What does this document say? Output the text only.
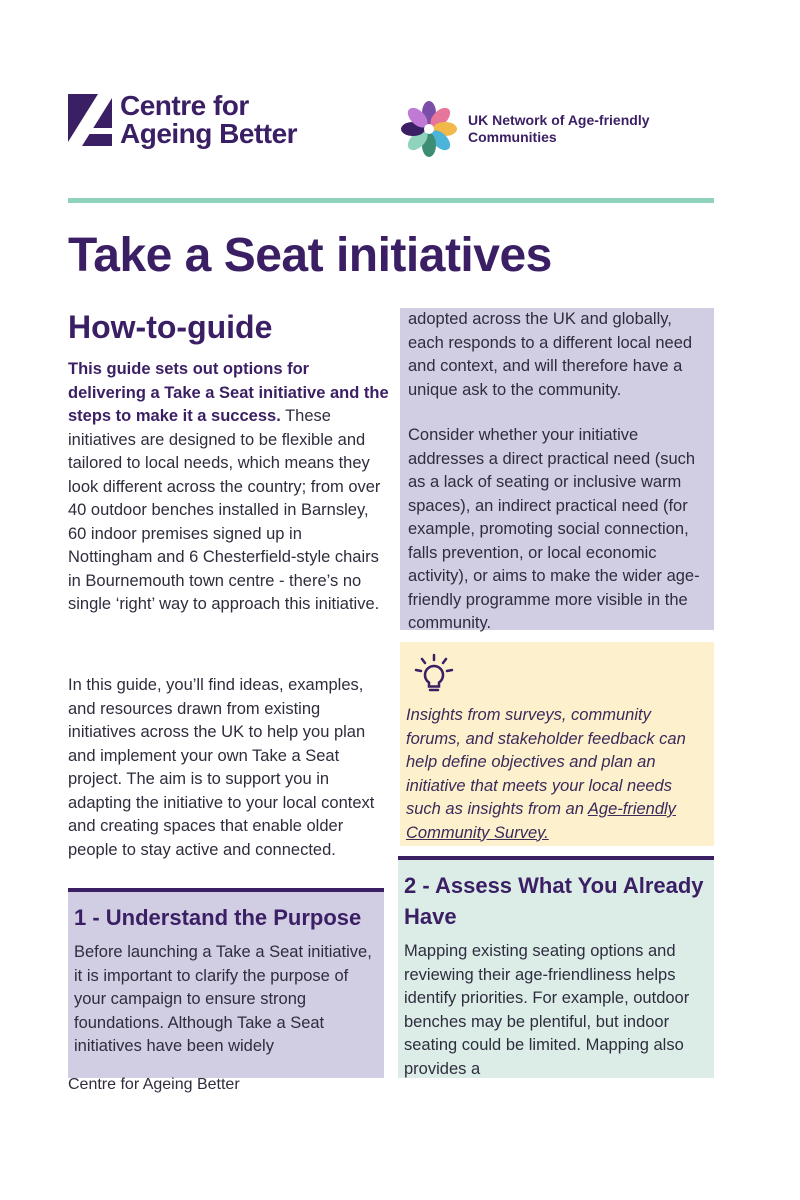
Centre for
Ageing Better	UK Network of Age-friendly
Communities
Take a Seat initiatives
How-to-guide

This guide sets out options for delivering a Take a Seat initiative and the steps to make it a success. These initiatives are designed to be flexible and tailored to local needs, which means they look different across the country; from over 40 outdoor benches installed in Barnsley, 60 indoor premises signed up in Nottingham and 6 Chesterfield-style chairs in Bournemouth town centre - there’s no single ‘right’ way to approach this initiative.

In this guide, you’ll find ideas, examples, and resources drawn from existing initiatives across the UK to help you plan and implement your own Take a Seat project. The aim is to support you in adapting the initiative to your local context and creating spaces that enable older people to stay active and connected.

adopted across the UK and globally, each responds to a different local need and context, and will therefore have a unique ask to the community.

Consider whether your initiative addresses a direct practical need (such as a lack of seating or inclusive warm spaces), an indirect practical need (for example, promoting social connection, falls prevention, or local economic activity), or aims to make the wider age-friendly programme more visible in the community.

Insights from surveys, community forums, and stakeholder feedback can help define objectives and plan an initiative that meets your local needs such as insights from an Age-friendly Community Survey.

1 - Understand the Purpose

Before launching a Take a Seat initiative, it is important to clarify the purpose of your campaign to ensure strong foundations. Although Take a Seat initiatives have been widely

2 - Assess What You Already Have

Mapping existing seating options and reviewing their age-friendliness helps identify priorities. For example, outdoor benches may be plentiful, but indoor seating could be limited. Mapping also provides a

Centre for Ageing Better
